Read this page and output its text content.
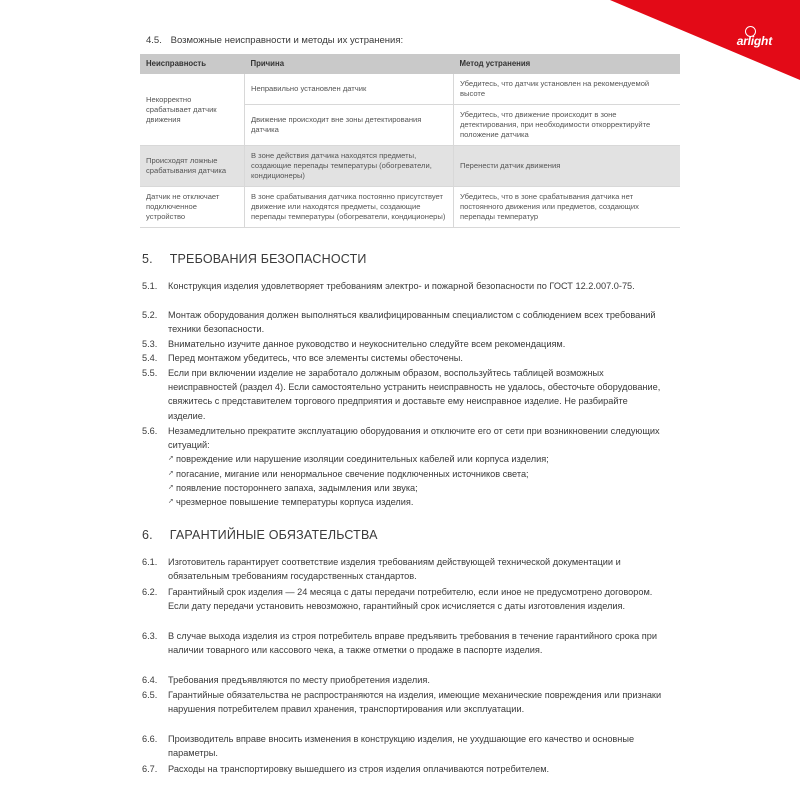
arlight
4.5. Возможные неисправности и методы их устранения:
Неисправность	Причина	Метод устранения
Некорректно срабатывает датчик движения	Неправильно установлен датчик	Убедитесь, что датчик установлен на рекомендуемой высоте
	Движение происходит вне зоны детектирования датчика	Убедитесь, что движение происходит в зоне детектирования, при необходимости откорректируйте положение датчика
Происходят ложные срабатывания датчика	В зоне действия датчика находятся предметы, создающие перепады температуры (обогреватели, кондиционеры)	Перенести датчик движения
Датчик не отключает подключенное устройство	В зоне срабатывания датчика постоянно присутствует движение или находятся предметы, создающие перепады температуры (обогреватели, кондиционеры)	Убедитесь, что в зоне срабатывания датчика нет постоянного движения или предметов, создающих перепады температур
5. ТРЕБОВАНИЯ БЕЗОПАСНОСТИ
5.1. Конструкция изделия удовлетворяет требованиям электро- и пожарной безопасности по ГОСТ 12.2.007.0-75.
5.2. Монтаж оборудования должен выполняться квалифицированным специалистом с соблюдением всех требований техники безопасности.
5.3. Внимательно изучите данное руководство и неукоснительно следуйте всем рекомендациям.
5.4. Перед монтажом убедитесь, что все элементы системы обесточены.
5.5. Если при включении изделие не заработало должным образом, воспользуйтесь таблицей возможных неисправностей (раздел 4). Если самостоятельно устранить неисправность не удалось, обесточьте оборудование, свяжитесь с представителем торгового предприятия и доставьте ему неисправное изделие. Не разбирайте изделие.
5.6. Незамедлительно прекратите эксплуатацию оборудования и отключите его от сети при возникновении следующих ситуаций:
➚ повреждение или нарушение изоляции соединительных кабелей или корпуса изделия;
➚ погасание, мигание или ненормальное свечение подключенных источников света;
➚ появление постороннего запаха, задымления или звука;
➚ чрезмерное повышение температуры корпуса изделия.
6. ГАРАНТИЙНЫЕ ОБЯЗАТЕЛЬСТВА
6.1. Изготовитель гарантирует соответствие изделия требованиям действующей технической документации и обязательным требованиям государственных стандартов.
6.2. Гарантийный срок изделия — 24 месяца с даты передачи потребителю, если иное не предусмотрено договором. Если дату передачи установить невозможно, гарантийный срок исчисляется с даты изготовления изделия.
6.3. В случае выхода изделия из строя потребитель вправе предъявить требования в течение гарантийного срока при наличии товарного или кассового чека, а также отметки о продаже в паспорте изделия.
6.4. Требования предъявляются по месту приобретения изделия.
6.5. Гарантийные обязательства не распространяются на изделия, имеющие механические повреждения или признаки нарушения потребителем правил хранения, транспортирования или эксплуатации.
6.6. Производитель вправе вносить изменения в конструкцию изделия, не ухудшающие его качество и основные параметры.
6.7. Расходы на транспортировку вышедшего из строя изделия оплачиваются потребителем.
